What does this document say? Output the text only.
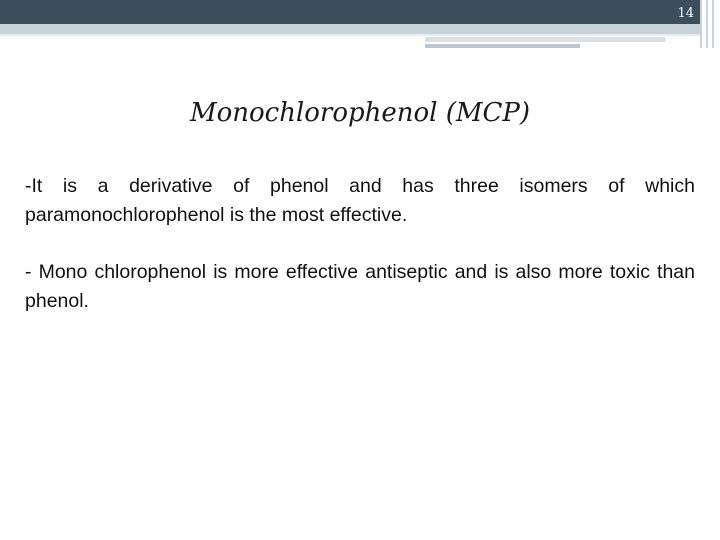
14
Monochlorophenol (MCP)

-It is a derivative of phenol and has three isomers of which paramonochlorophenol is the most effective.

- Mono chlorophenol is more effective antiseptic and is also more toxic than phenol.
